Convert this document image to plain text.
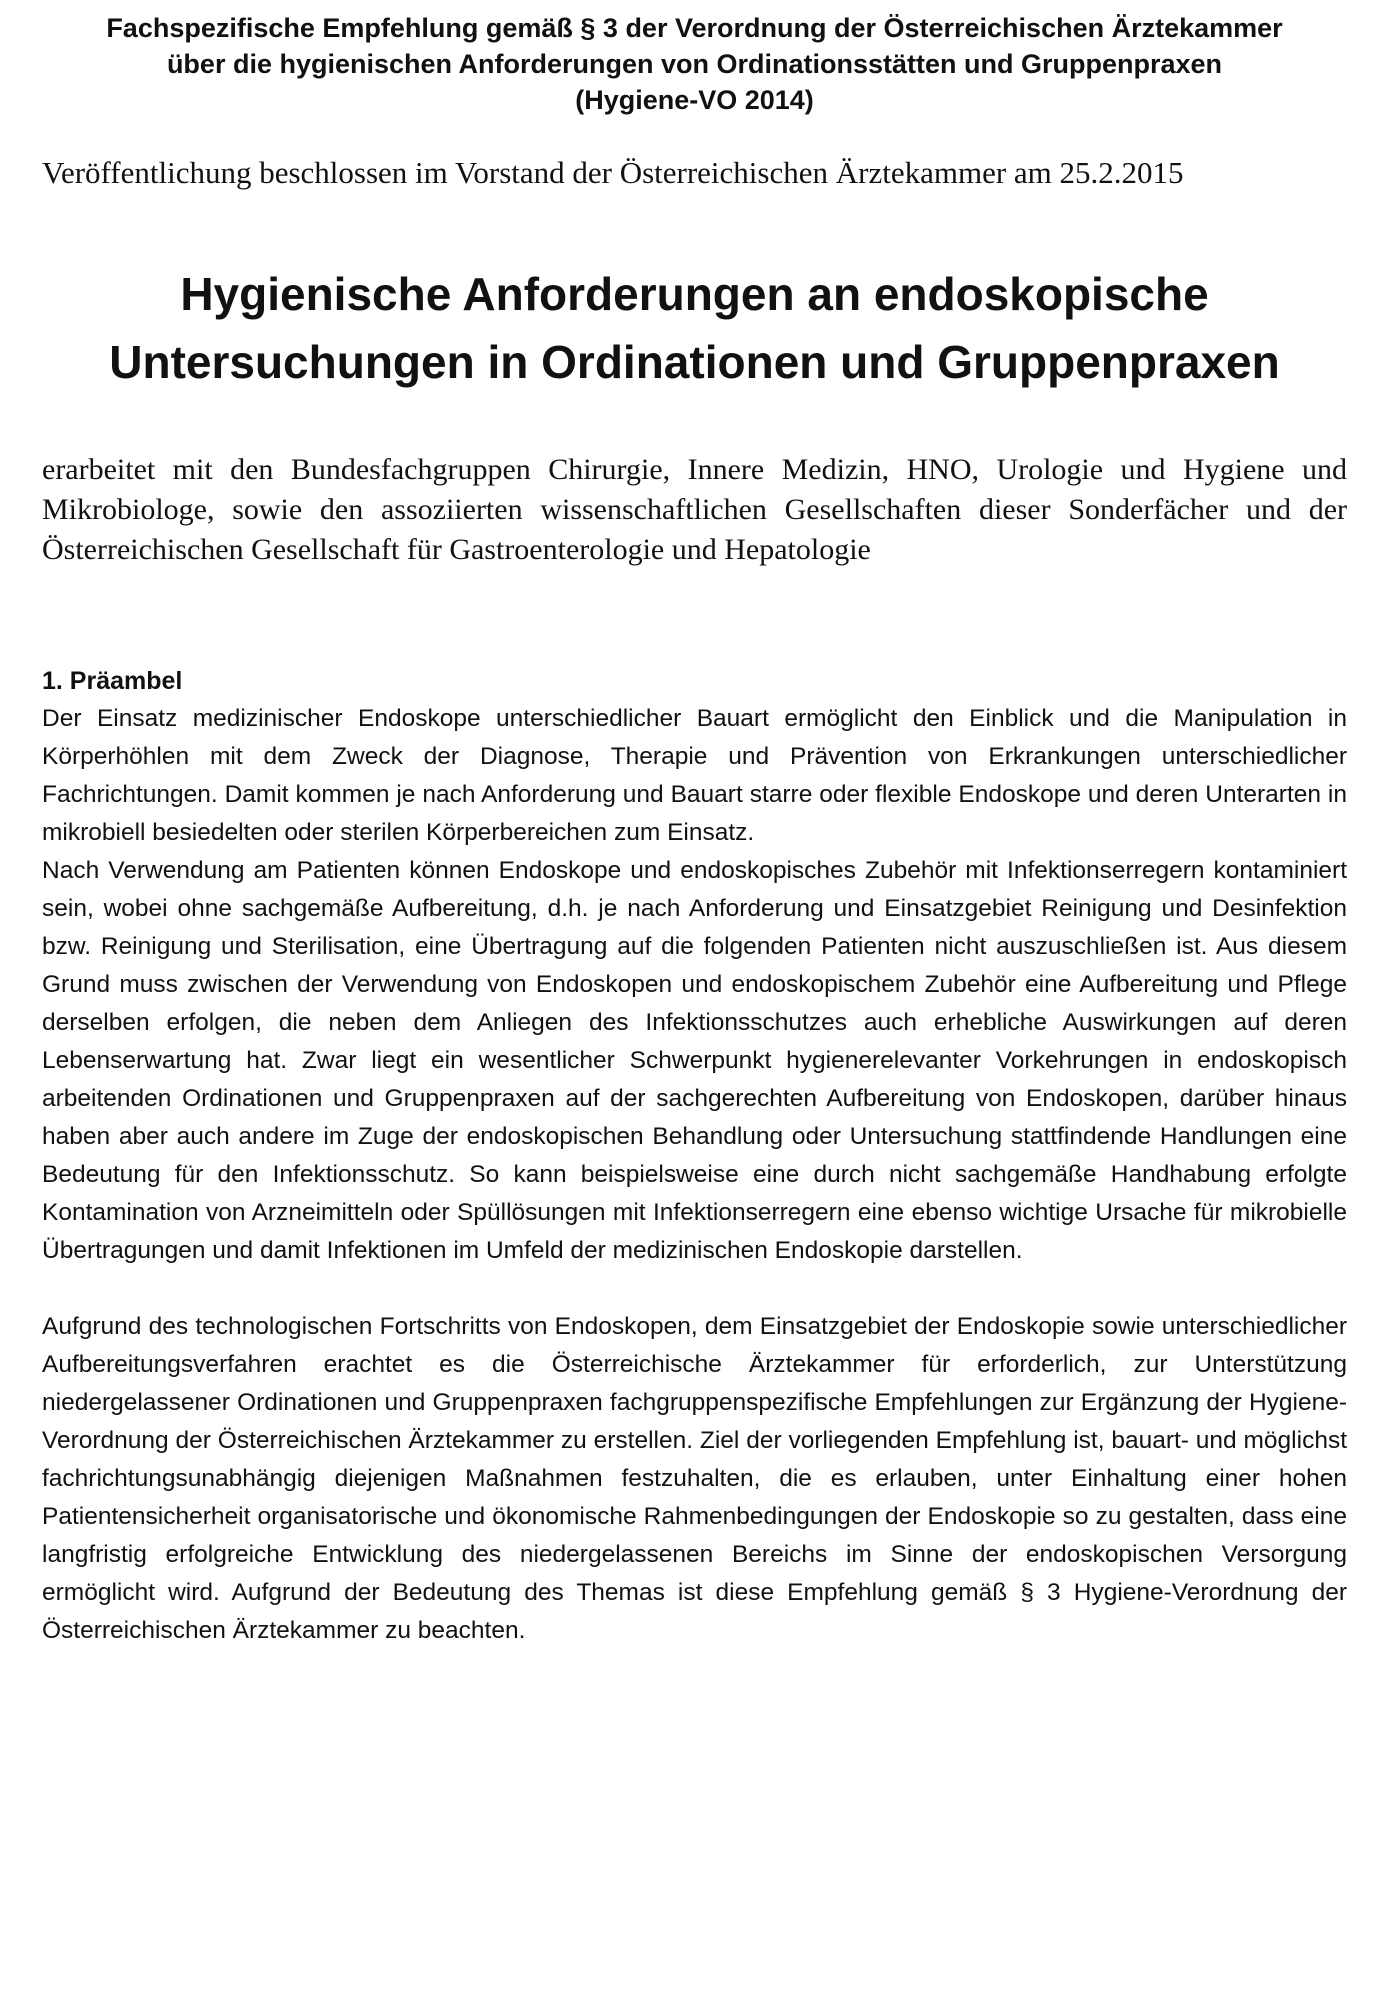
Fachspezifische Empfehlung gemäß § 3 der Verordnung der Österreichischen Ärztekammer
über die hygienischen Anforderungen von Ordinationsstätten und Gruppenpraxen
(Hygiene-VO 2014)

Veröffentlichung beschlossen im Vorstand der Österreichischen Ärztekammer am 25.2.2015

Hygienische Anforderungen an endoskopische
Untersuchungen in Ordinationen und Gruppenpraxen

erarbeitet mit den Bundesfachgruppen Chirurgie, Innere Medizin, HNO, Urologie und Hygiene und Mikrobiologe, sowie den assoziierten wissenschaftlichen Gesellschaften dieser Sonderfächer und der Österreichischen Gesellschaft für Gastroenterologie und Hepatologie

1. Präambel

Der Einsatz medizinischer Endoskope unterschiedlicher Bauart ermöglicht den Einblick und die Manipulation in Körperhöhlen mit dem Zweck der Diagnose, Therapie und Prävention von Erkrankungen unterschiedlicher Fachrichtungen. Damit kommen je nach Anforderung und Bauart starre oder flexible Endoskope und deren Unterarten in mikrobiell besiedelten oder sterilen Körperbereichen zum Einsatz.

Nach Verwendung am Patienten können Endoskope und endoskopisches Zubehör mit Infektionserregern kontaminiert sein, wobei ohne sachgemäße Aufbereitung, d.h. je nach Anforderung und Einsatzgebiet Reinigung und Desinfektion bzw. Reinigung und Sterilisation, eine Übertragung auf die folgenden Patienten nicht auszuschließen ist. Aus diesem Grund muss zwischen der Verwendung von Endoskopen und endoskopischem Zubehör eine Aufbereitung und Pflege derselben erfolgen, die neben dem Anliegen des Infektionsschutzes auch erhebliche Auswirkungen auf deren Lebenserwartung hat. Zwar liegt ein wesentlicher Schwerpunkt hygienerelevanter Vorkehrungen in endoskopisch arbeitenden Ordinationen und Gruppenpraxen auf der sachgerechten Aufbereitung von Endoskopen, darüber hinaus haben aber auch andere im Zuge der endoskopischen Behandlung oder Untersuchung stattfindende Handlungen eine Bedeutung für den Infektionsschutz. So kann beispielsweise eine durch nicht sachgemäße Handhabung erfolgte Kontamination von Arzneimitteln oder Spüllösungen mit Infektionserregern eine ebenso wichtige Ursache für mikrobielle Übertragungen und damit Infektionen im Umfeld der medizinischen Endoskopie darstellen.

Aufgrund des technologischen Fortschritts von Endoskopen, dem Einsatzgebiet der Endoskopie sowie unterschiedlicher Aufbereitungsverfahren erachtet es die Österreichische Ärztekammer für erforderlich, zur Unterstützung niedergelassener Ordinationen und Gruppenpraxen fachgruppenspezifische Empfehlungen zur Ergänzung der Hygiene-Verordnung der Österreichischen Ärztekammer zu erstellen. Ziel der vorliegenden Empfehlung ist, bauart- und möglichst fachrichtungsunabhängig diejenigen Maßnahmen festzuhalten, die es erlauben, unter Einhaltung einer hohen Patientensicherheit organisatorische und ökonomische Rahmenbedingungen der Endoskopie so zu gestalten, dass eine langfristig erfolgreiche Entwicklung des niedergelassenen Bereichs im Sinne der endoskopischen Versorgung ermöglicht wird. Aufgrund der Bedeutung des Themas ist diese Empfehlung gemäß § 3 Hygiene-Verordnung der Österreichischen Ärztekammer zu beachten.
